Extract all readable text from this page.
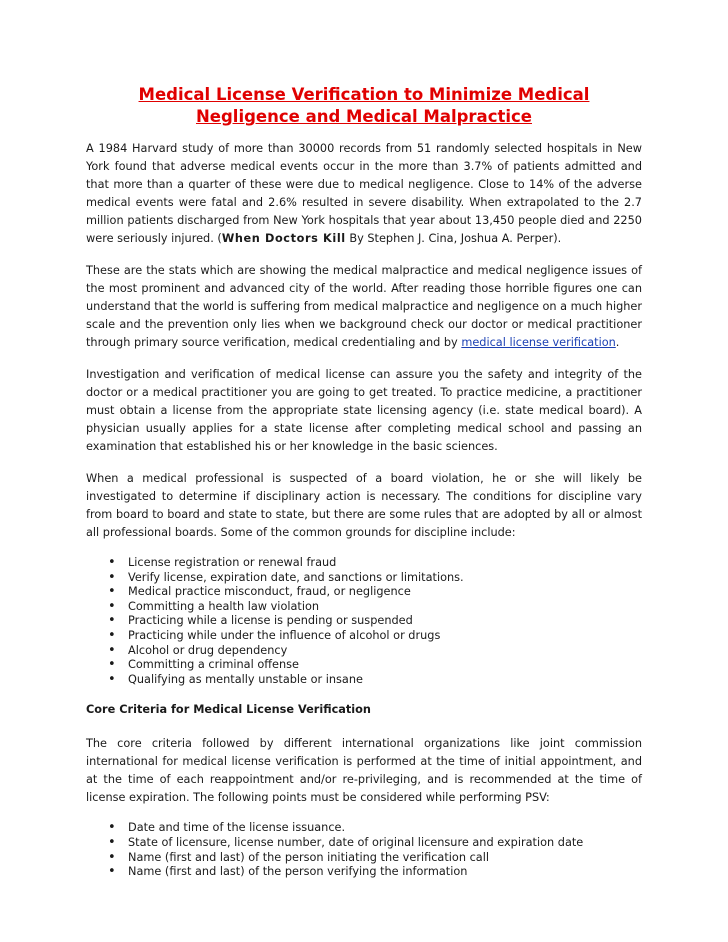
Medical License Verification to Minimize Medical
Negligence and Medical Malpractice

A 1984 Harvard study of more than 30000 records from 51 randomly selected hospitals in New York found that adverse medical events occur in the more than 3.7% of patients admitted and that more than a quarter of these were due to medical negligence. Close to 14% of the adverse medical events were fatal and 2.6% resulted in severe disability. When extrapolated to the 2.7 million patients discharged from New York hospitals that year about 13,450 people died and 2250 were seriously injured. (When Doctors Kill By Stephen J. Cina, Joshua A. Perper).

These are the stats which are showing the medical malpractice and medical negligence issues of the most prominent and advanced city of the world. After reading those horrible figures one can understand that the world is suffering from medical malpractice and negligence on a much higher scale and the prevention only lies when we background check our doctor or medical practitioner through primary source verification, medical credentialing and by medical license verification.

Investigation and verification of medical license can assure you the safety and integrity of the doctor or a medical practitioner you are going to get treated. To practice medicine, a practitioner must obtain a license from the appropriate state licensing agency (i.e. state medical board). A physician usually applies for a state license after completing medical school and passing an examination that established his or her knowledge in the basic sciences.

When a medical professional is suspected of a board violation, he or she will likely be investigated to determine if disciplinary action is necessary. The conditions for discipline vary from board to board and state to state, but there are some rules that are adopted by all or almost all professional boards. Some of the common grounds for discipline include:

• License registration or renewal fraud
• Verify license, expiration date, and sanctions or limitations.
• Medical practice misconduct, fraud, or negligence
• Committing a health law violation
• Practicing while a license is pending or suspended
• Practicing while under the influence of alcohol or drugs
• Alcohol or drug dependency
• Committing a criminal offense
• Qualifying as mentally unstable or insane
Core Criteria for Medical License Verification

The core criteria followed by different international organizations like joint commission international for medical license verification is performed at the time of initial appointment, and at the time of each reappointment and/or re-privileging, and is recommended at the time of license expiration. The following points must be considered while performing PSV:

• Date and time of the license issuance.
• State of licensure, license number, date of original licensure and expiration date
• Name (first and last) of the person initiating the verification call
• Name (first and last) of the person verifying the information
